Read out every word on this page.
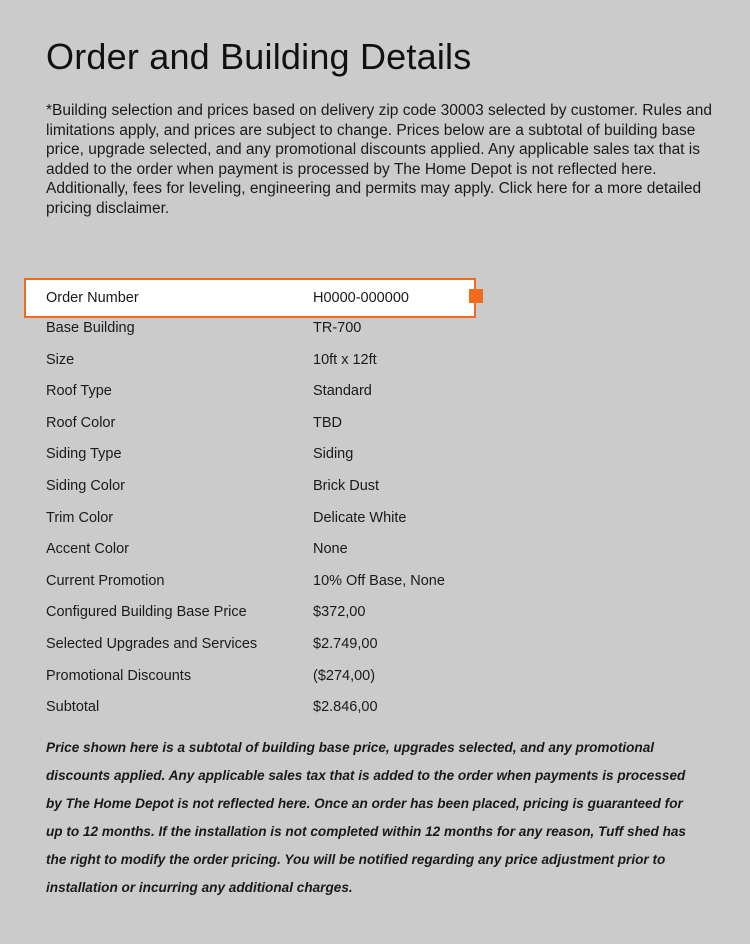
Order and Building Details

*Building selection and prices based on delivery zip code 30003 selected by customer. Rules and limitations apply, and prices are subject to change. Prices below are a subtotal of building base price, upgrade selected, and any promotional discounts applied. Any applicable sales tax that is added to the order when payment is processed by The Home Depot is not reflected here. Additionally, fees for leveling, engineering and permits may apply. Click here for a more detailed pricing disclaimer.

Order Number	H0000-000000
Base Building	TR-700
Size	10ft x 12ft
Roof Type	Standard
Roof Color	TBD
Siding Type	Siding
Siding Color	Brick Dust
Trim Color	Delicate White
Accent Color	None
Current Promotion	10% Off Base, None
Configured Building Base Price	$372,00
Selected Upgrades and Services	$2.749,00
Promotional Discounts	($274,00)
Subtotal	$2.846,00

Price shown here is a subtotal of building base price, upgrades selected, and any promotional discounts applied. Any applicable sales tax that is added to the order when payments is processed by The Home Depot is not reflected here. Once an order has been placed, pricing is guaranteed for up to 12 months. If the installation is not completed within 12 months for any reason, Tuff shed has the right to modify the order pricing. You will be notified regarding any price adjustment prior to installation or incurring any additional charges.
